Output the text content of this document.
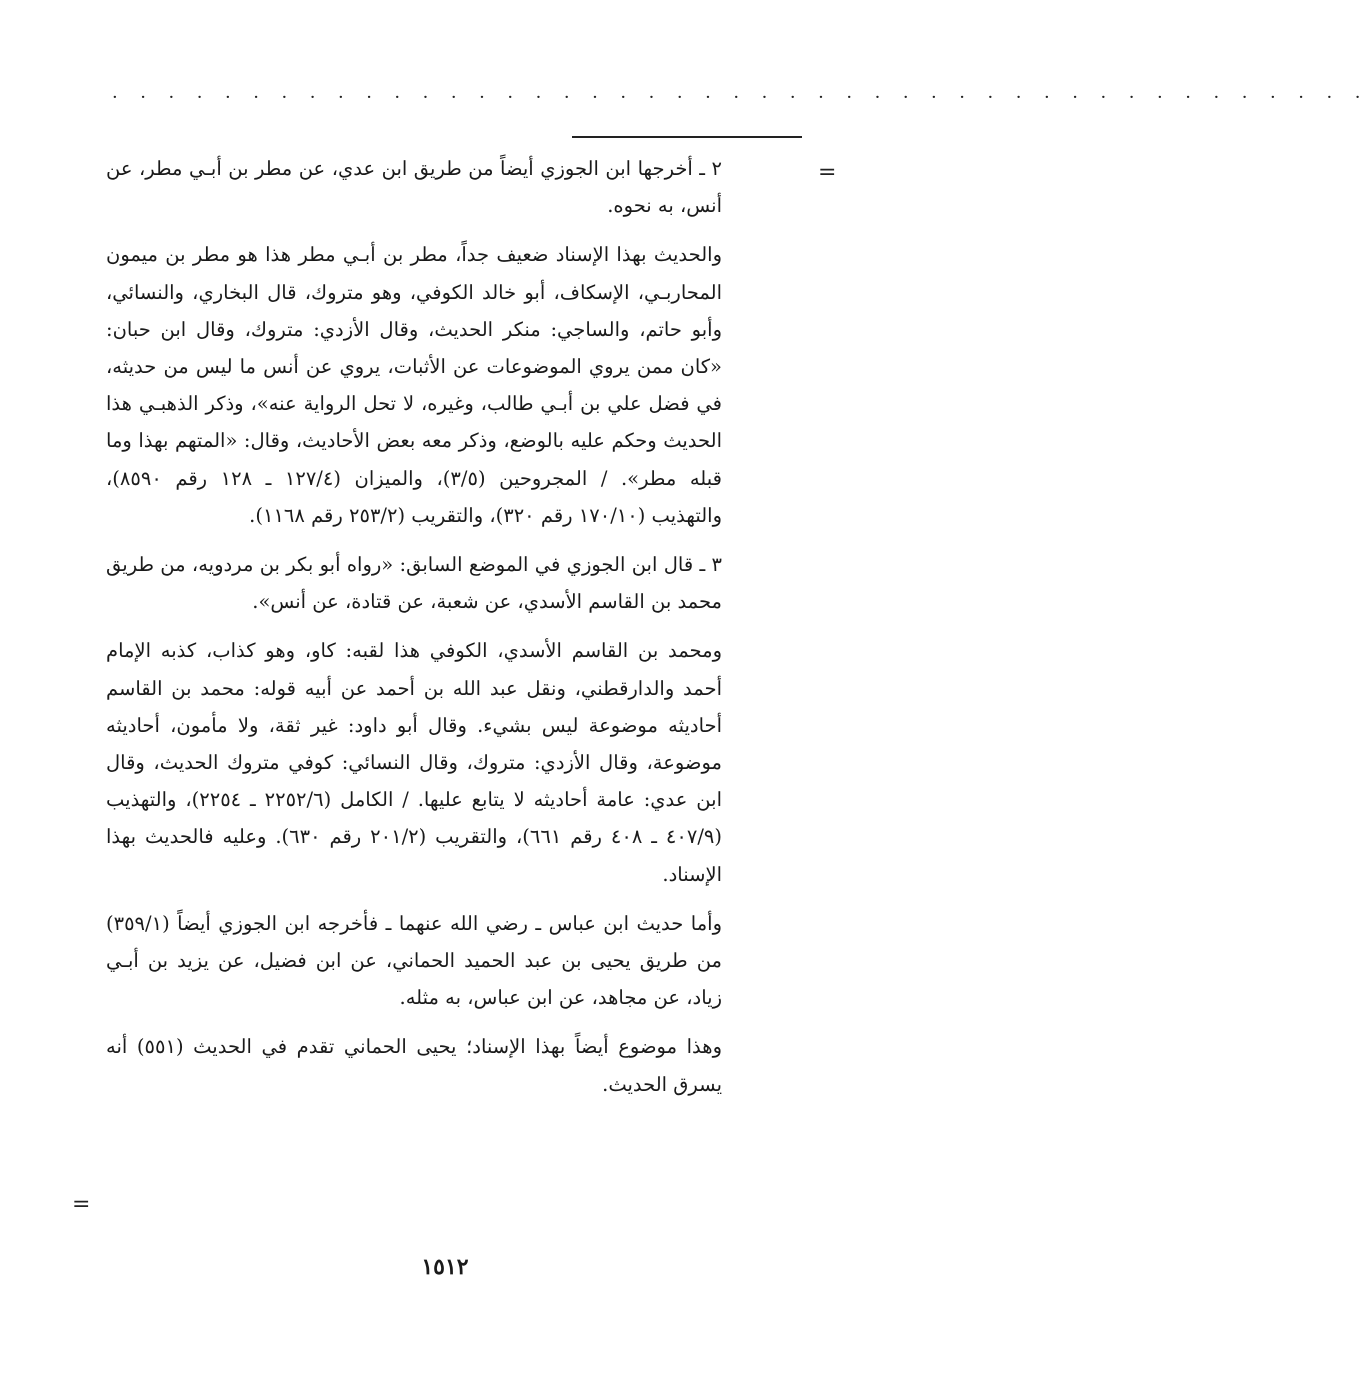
· · · · · · · · · · · · · · · · · · · · · · · · · · · · · · · · · · · · · · · · · · · · ·
=

٢ ـ أخرجها ابن الجوزي أيضاً من طريق ابن عدي، عن مطر بن أبـي مطر، عن أنس، به نحوه.

والحديث بهذا الإسناد ضعيف جداً، مطر بن أبـي مطر هذا هو مطر بن ميمون المحاربـي، الإسكاف، أبو خالد الكوفي، وهو متروك، قال البخاري، والنسائي، وأبو حاتم، والساجي: منكر الحديث، وقال الأزدي: متروك، وقال ابن حبان: «كان ممن يروي الموضوعات عن الأثبات، يروي عن أنس ما ليس من حديثه، في فضل علي بن أبـي طالب، وغيره، لا تحل الرواية عنه»، وذكر الذهبـي هذا الحديث وحكم عليه بالوضع، وذكر معه بعض الأحاديث، وقال: «المتهم بهذا وما قبله مطر». / المجروحين (٣/٥)، والميزان (١٢٧/٤ ـ ١٢٨ رقم ٨٥٩٠)، والتهذيب (١٧٠/١٠ رقم ٣٢٠)، والتقريب (٢٥٣/٢ رقم ١١٦٨).

٣ ـ قال ابن الجوزي في الموضع السابق: «رواه أبو بكر بن مردويه، من طريق محمد بن القاسم الأسدي، عن شعبة، عن قتادة، عن أنس».

ومحمد بن القاسم الأسدي، الكوفي هذا لقبه: كاو، وهو كذاب، كذبه الإمام أحمد والدارقطني، ونقل عبد الله بن أحمد عن أبيه قوله: محمد بن القاسم أحاديثه موضوعة ليس بشيء. وقال أبو داود: غير ثقة، ولا مأمون، أحاديثه موضوعة، وقال الأزدي: متروك، وقال النسائي: كوفي متروك الحديث، وقال ابن عدي: عامة أحاديثه لا يتابع عليها. / الكامل (٢٢٥٢/٦ ـ ٢٢٥٤)، والتهذيب (٤٠٧/٩ ـ ٤٠٨ رقم ٦٦١)، والتقريب (٢٠١/٢ رقم ٦٣٠). وعليه فالحديث بهذا الإسناد.

وأما حديث ابن عباس ـ رضي الله عنهما ـ فأخرجه ابن الجوزي أيضاً (٣٥٩/١) من طريق يحيى بن عبد الحميد الحماني، عن ابن فضيل، عن يزيد بن أبـي زياد، عن مجاهد، عن ابن عباس، به مثله.

وهذا موضوع أيضاً بهذا الإسناد؛ يحيى الحماني تقدم في الحديث (٥٥١) أنه يسرق الحديث.

=
١٥١٢
